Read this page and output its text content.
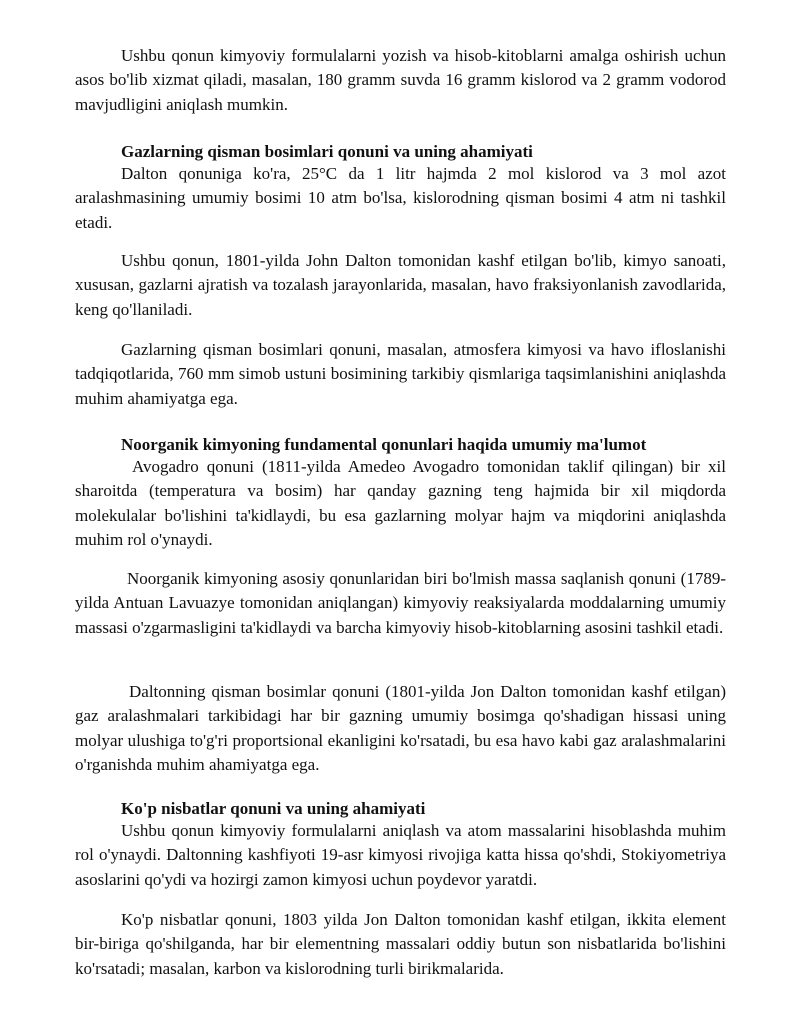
Ushbu qonun kimyoviy formulalarni yozish va hisob-kitoblarni amalga oshirish uchun asos bo'lib xizmat qiladi, masalan, 180 gramm suvda 16 gramm kislorod va 2 gramm vodorod mavjudligini aniqlash mumkin.

Gazlarning qisman bosimlari qonuni va uning ahamiyati

Dalton qonuniga ko'ra, 25°C da 1 litr hajmda 2 mol kislorod va 3 mol azot aralashmasining umumiy bosimi 10 atm bo'lsa, kislorodning qisman bosimi 4 atm ni tashkil etadi.

Ushbu qonun, 1801-yilda John Dalton tomonidan kashf etilgan bo'lib, kimyo sanoati, xususan, gazlarni ajratish va tozalash jarayonlarida, masalan, havo fraksiyonlanish zavodlarida, keng qo'llaniladi.

Gazlarning qisman bosimlari qonuni, masalan, atmosfera kimyosi va havo ifloslanishi tadqiqotlarida, 760 mm simob ustuni bosimining tarkibiy qismlariga taqsimlanishini aniqlashda muhim ahamiyatga ega.

Noorganik kimyoning fundamental qonunlari haqida umumiy ma'lumot

Avogadro qonuni (1811-yilda Amedeo Avogadro tomonidan taklif qilingan) bir xil sharoitda (temperatura va bosim) har qanday gazning teng hajmida bir xil miqdorda molekulalar bo'lishini ta'kidlaydi, bu esa gazlarning molyar hajm va miqdorini aniqlashda muhim rol o'ynaydi.

Noorganik kimyoning asosiy qonunlaridan biri bo'lmish massa saqlanish qonuni (1789-yilda Antuan Lavuazye tomonidan aniqlangan) kimyoviy reaksiyalarda moddalarning umumiy massasi o'zgarmasligini ta'kidlaydi va barcha kimyoviy hisob-kitoblarning asosini tashkil etadi.

Daltonning qisman bosimlar qonuni (1801-yilda Jon Dalton tomonidan kashf etilgan) gaz aralashmalari tarkibidagi har bir gazning umumiy bosimga qo'shadigan hissasi uning molyar ulushiga to'g'ri proportsional ekanligini ko'rsatadi, bu esa havo kabi gaz aralashmalarini o'rganishda muhim ahamiyatga ega.

Ko'p nisbatlar qonuni va uning ahamiyati

Ushbu qonun kimyoviy formulalarni aniqlash va atom massalarini hisoblashda muhim rol o'ynaydi. Daltonning kashfiyoti 19-asr kimyosi rivojiga katta hissa qo'shdi, Stokiyometriya asoslarini qo'ydi va hozirgi zamon kimyosi uchun poydevor yaratdi.

Ko'p nisbatlar qonuni, 1803 yilda Jon Dalton tomonidan kashf etilgan, ikkita element bir-biriga qo'shilganda, har bir elementning massalari oddiy butun son nisbatlarida bo'lishini ko'rsatadi; masalan, karbon va kislorodning turli birikmalarida.
